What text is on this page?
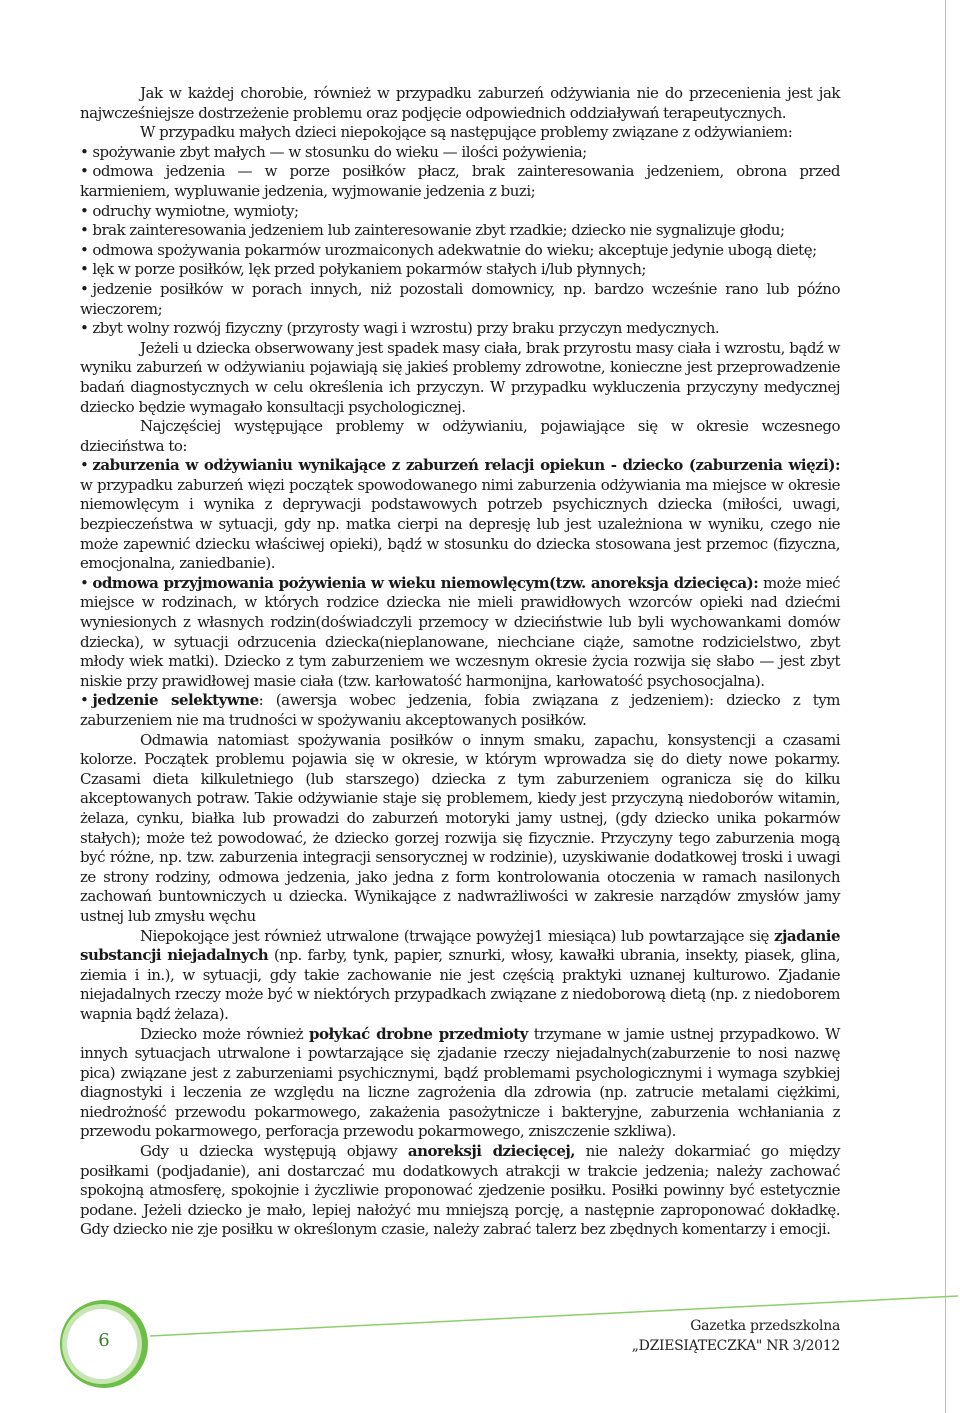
Jak w każdej chorobie, również w przypadku zaburzeń odżywiania nie do przecenienia jest jak najwcześniejsze dostrzeżenie problemu oraz podjęcie odpowiednich oddziaływań terapeutycznych.

W przypadku małych dzieci niepokojące są następujące problemy związane z odżywianiem:

• spożywanie zbyt małych — w stosunku do wieku — ilości pożywienia;

• odmowa jedzenia — w porze posiłków płacz, brak zainteresowania jedzeniem, obrona przed karmieniem, wypluwanie jedzenia, wyjmowanie jedzenia z buzi;

• odruchy wymiotne, wymioty;

• brak zainteresowania jedzeniem lub zainteresowanie zbyt rzadkie; dziecko nie sygnalizuje głodu;

• odmowa spożywania pokarmów urozmaiconych adekwatnie do wieku; akceptuje jedynie ubogą dietę;

• lęk w porze posiłków, lęk przed połykaniem pokarmów stałych i/lub płynnych;

• jedzenie posiłków w porach innych, niż pozostali domownicy, np. bardzo wcześnie rano lub późno wieczorem;

• zbyt wolny rozwój fizyczny (przyrosty wagi i wzrostu) przy braku przyczyn medycznych.

Jeżeli u dziecka obserwowany jest spadek masy ciała, brak przyrostu masy ciała i wzrostu, bądź w wyniku zaburzeń w odżywianiu pojawiają się jakieś problemy zdrowotne, konieczne jest przeprowadzenie badań diagnostycznych w celu określenia ich przyczyn. W przypadku wykluczenia przyczyny medycznej dziecko będzie wymagało konsultacji psychologicznej.

Najczęściej występujące problemy w odżywianiu, pojawiające się w okresie wczesnego dzieciństwa to:

• zaburzenia w odżywianiu wynikające z zaburzeń relacji opiekun - dziecko (zaburzenia więzi): w przypadku zaburzeń więzi początek spowodowanego nimi zaburzenia odżywiania ma miejsce w okresie niemowlęcym i wynika z deprywacji podstawowych potrzeb psychicznych dziecka (miłości, uwagi, bezpieczeństwa w sytuacji, gdy np. matka cierpi na depresję lub jest uzależniona w wyniku, czego nie może zapewnić dziecku właściwej opieki), bądź w stosunku do dziecka stosowana jest przemoc (fizyczna, emocjonalna, zaniedbanie).

• odmowa przyjmowania pożywienia w wieku niemowlęcym(tzw. anoreksja dziecięca): może mieć miejsce w rodzinach, w których rodzice dziecka nie mieli prawidłowych wzorców opieki nad dziećmi wyniesionych z własnych rodzin(doświadczyli przemocy w dzieciństwie lub byli wychowankami domów dziecka), w sytuacji odrzucenia dziecka(nieplanowane, niechciane ciąże, samotne rodzicielstwo, zbyt młody wiek matki). Dziecko z tym zaburzeniem we wczesnym okresie życia rozwija się słabo — jest zbyt niskie przy prawidłowej masie ciała (tzw. karłowatość harmonijna, karłowatość psychosocjalna).

• jedzenie selektywne: (awersja wobec jedzenia, fobia związana z jedzeniem): dziecko z tym zaburzeniem nie ma trudności w spożywaniu akceptowanych posiłków.

Odmawia natomiast spożywania posiłków o innym smaku, zapachu, konsystencji a czasami kolorze. Początek problemu pojawia się w okresie, w którym wprowadza się do diety nowe pokarmy. Czasami dieta kilkuletniego (lub starszego) dziecka z tym zaburzeniem ogranicza się do kilku akceptowanych potraw. Takie odżywianie staje się problemem, kiedy jest przyczyną niedoborów witamin, żelaza, cynku, białka lub prowadzi do zaburzeń motoryki jamy ustnej, (gdy dziecko unika pokarmów stałych); może też powodować, że dziecko gorzej rozwija się fizycznie. Przyczyny tego zaburzenia mogą być różne, np. tzw. zaburzenia integracji sensorycznej w rodzinie), uzyskiwanie dodatkowej troski i uwagi ze strony rodziny, odmowa jedzenia, jako jedna z form kontrolowania otoczenia w ramach nasilonych zachowań buntowniczych u dziecka. Wynikające z nadwrażliwości w zakresie narządów zmysłów jamy ustnej lub zmysłu węchu

Niepokojące jest również utrwalone (trwające powyżej1 miesiąca) lub powtarzające się zjadanie substancji niejadalnych (np. farby, tynk, papier, sznurki, włosy, kawałki ubrania, insekty, piasek, glina, ziemia i in.), w sytuacji, gdy takie zachowanie nie jest częścią praktyki uznanej kulturowo. Zjadanie niejadalnych rzeczy może być w niektórych przypadkach związane z niedoborową dietą (np. z niedoborem wapnia bądź żelaza).

Dziecko może również połykać drobne przedmioty trzymane w jamie ustnej przypadkowo. W innych sytuacjach utrwalone i powtarzające się zjadanie rzeczy niejadalnych(zaburzenie to nosi nazwę pica) związane jest z zaburzeniami psychicznymi, bądź problemami psychologicznymi i wymaga szybkiej diagnostyki i leczenia ze względu na liczne zagrożenia dla zdrowia (np. zatrucie metalami ciężkimi, niedrożność przewodu pokarmowego, zakażenia pasożytnicze i bakteryjne, zaburzenia wchłaniania z przewodu pokarmowego, perforacja przewodu pokarmowego, zniszczenie szkliwa).

Gdy u dziecka występują objawy anoreksji dziecięcej, nie należy dokarmiać go między posiłkami (podjadanie), ani dostarczać mu dodatkowych atrakcji w trakcie jedzenia; należy zachować spokojną atmosferę, spokojnie i życzliwie proponować zjedzenie posiłku. Posiłki powinny być estetycznie podane. Jeżeli dziecko je mało, lepiej nałożyć mu mniejszą porcję, a następnie zaproponować dokładkę. Gdy dziecko nie zje posiłku w określonym czasie, należy zabrać talerz bez zbędnych komentarzy i emocji.

6
Gazetka przedszkolna
„DZIESIĄTECZKA" NR 3/2012
